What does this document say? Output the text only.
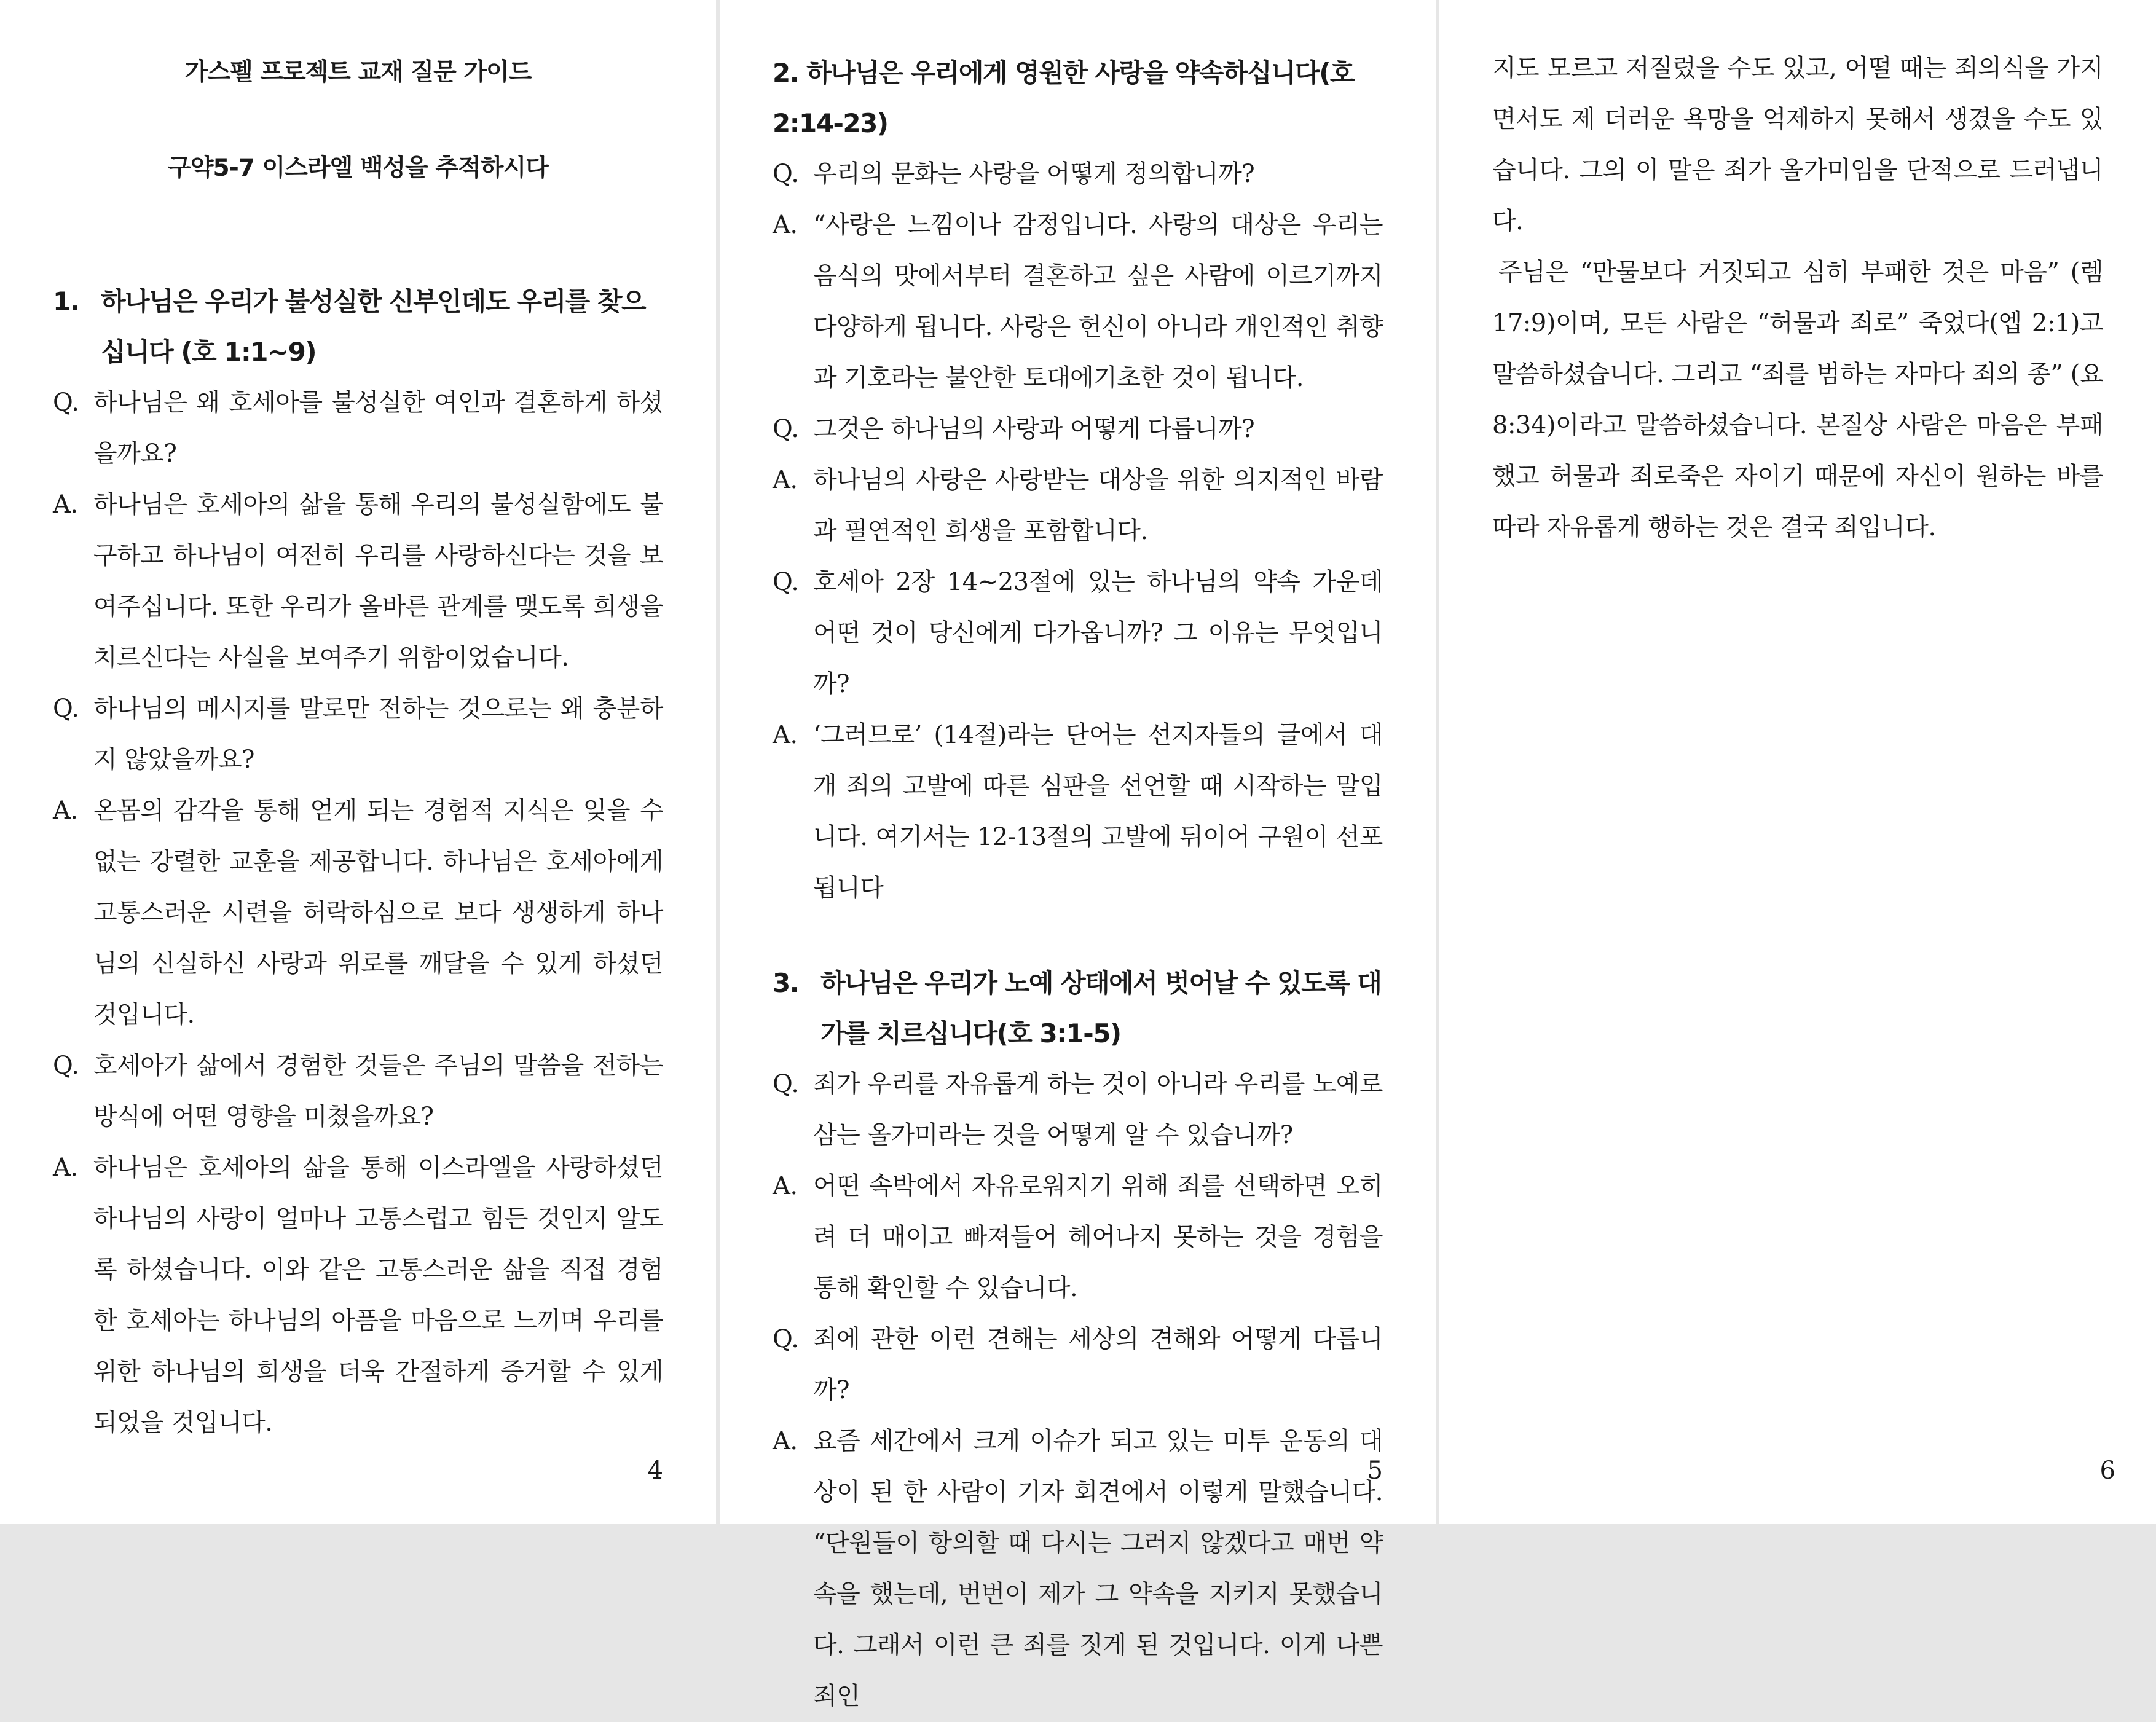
가스펠 프로젝트 교재 질문 가이드
구약5-7 이스라엘 백성을 추적하시다
1. 하나님은 우리가 불성실한 신부인데도 우리를 찾으십니다 (호 1:1~9)
Q. 하나님은 왜 호세아를 불성실한 여인과 결혼하게 하셨을까요?
A. 하나님은 호세아의 삶을 통해 우리의 불성실함에도 불구하고 하나님이 여전히 우리를 사랑하신다는 것을 보여주십니다. 또한 우리가 올바른 관계를 맺도록 희생을 치르신다는 사실을 보여주기 위함이었습니다.
Q. 하나님의 메시지를 말로만 전하는 것으로는 왜 충분하지 않았을까요?
A. 온몸의 감각을 통해 얻게 되는 경험적 지식은 잊을 수 없는 강렬한 교훈을 제공합니다. 하나님은 호세아에게 고통스러운 시련을 허락하심으로 보다 생생하게 하나님의 신실하신 사랑과 위로를 깨달을 수 있게 하셨던 것입니다.
Q. 호세아가 삶에서 경험한 것들은 주님의 말씀을 전하는 방식에 어떤 영향을 미쳤을까요?
A. 하나님은 호세아의 삶을 통해 이스라엘을 사랑하셨던 하나님의 사랑이 얼마나 고통스럽고 힘든 것인지 알도록 하셨습니다. 이와 같은 고통스러운 삶을 직접 경험한 호세아는 하나님의 아픔을 마음으로 느끼며 우리를 위한 하나님의 희생을 더욱 간절하게 증거할 수 있게 되었을 것입니다.
4
2. 하나님은 우리에게 영원한 사랑을 약속하십니다(호 2:14-23)
Q. 우리의 문화는 사랑을 어떻게 정의합니까?
A. “사랑은 느낌이나 감정입니다. 사랑의 대상은 우리는 음식의 맛에서부터 결혼하고 싶은 사람에 이르기까지 다양하게 됩니다. 사랑은 헌신이 아니라 개인적인 취향과 기호라는 불안한 토대에기초한 것이 됩니다.
Q. 그것은 하나님의 사랑과 어떻게 다릅니까?
A. 하나님의 사랑은 사랑받는 대상을 위한 의지적인 바람과 필연적인 희생을 포함합니다.
Q. 호세아 2장 14~23절에 있는 하나님의 약속 가운데 어떤 것이 당신에게 다가옵니까? 그 이유는 무엇입니까?
A. ‘그러므로’ (14절)라는 단어는 선지자들의 글에서 대개 죄의 고발에 따른 심판을 선언할 때 시작하는 말입니다. 여기서는 12-13절의 고발에 뒤이어 구원이 선포됩니다
3. 하나님은 우리가 노예 상태에서 벗어날 수 있도록 대가를 치르십니다(호 3:1-5)
Q. 죄가 우리를 자유롭게 하는 것이 아니라 우리를 노예로 삼는 올가미라는 것을 어떻게 알 수 있습니까?
A. 어떤 속박에서 자유로워지기 위해 죄를 선택하면 오히려 더 매이고 빠져들어 헤어나지 못하는 것을 경험을 통해 확인할 수 있습니다.
Q. 죄에 관한 이런 견해는 세상의 견해와 어떻게 다릅니까?
A. 요즘 세간에서 크게 이슈가 되고 있는 미투 운동의 대상이 된 한 사람이 기자 회견에서 이렇게 말했습니다. “단원들이 항의할 때 다시는 그러지 않겠다고 매번 약속을 했는데, 번번이 제가 그 약속을 지키지 못했습니다. 그래서 이런 큰 죄를 짓게 된 것입니다. 이게 나쁜 죄인
5
지도 모르고 저질렀을 수도 있고, 어떨 때는 죄의식을 가지면서도 제 더러운 욕망을 억제하지 못해서 생겼을 수도 있습니다. 그의 이 말은 죄가 올가미임을 단적으로 드러냅니다.
주님은 “만물보다 거짓되고 심히 부패한 것은 마음” (렘 17:9)이며, 모든 사람은 “허물과 죄로” 죽었다(엡 2:1)고 말씀하셨습니다. 그리고 “죄를 범하는 자마다 죄의 종” (요 8:34)이라고 말씀하셨습니다. 본질상 사람은 마음은 부패했고 허물과 죄로죽은 자이기 때문에 자신이 원하는 바를 따라 자유롭게 행하는 것은 결국 죄입니다.
6
